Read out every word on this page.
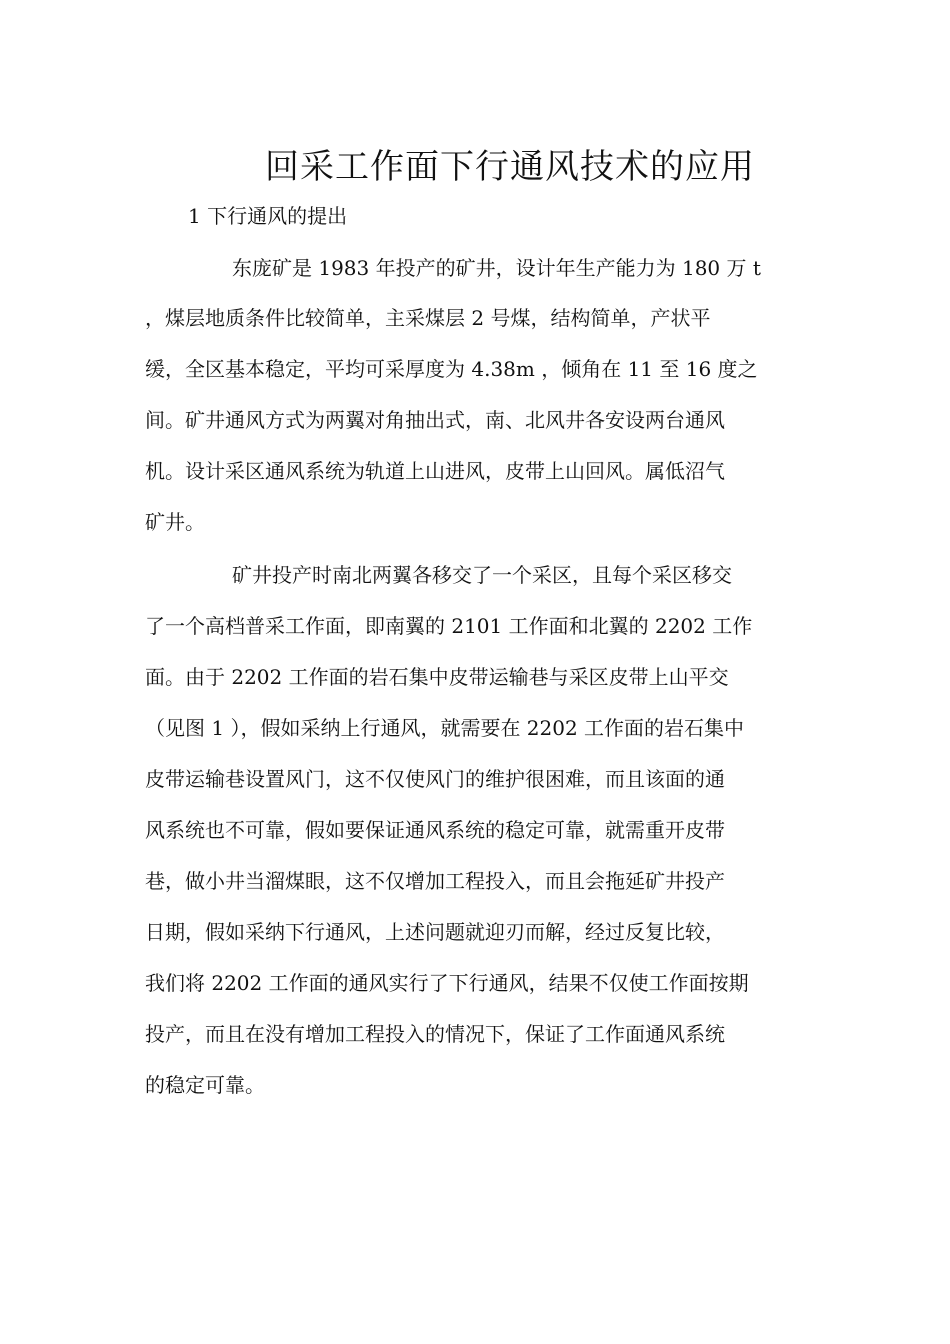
回采工作面下行通风技术的应用
1 下行通风的提出
东庞矿是 1983 年投产的矿井，设计年生产能力为 180 万 t
，煤层地质条件比较简单，主采煤层 2 号煤，结构简单，产状平
缓，全区基本稳定，平均可采厚度为 4.38m ，倾角在 11 至 16 度之
间。矿井通风方式为两翼对角抽出式，南、北风井各安设两台通风
机。设计采区通风系统为轨道上山进风，皮带上山回风。属低沼气
矿井。
矿井投产时南北两翼各移交了一个采区，且每个采区移交
了一个高档普采工作面，即南翼的 2101 工作面和北翼的 2202 工作
面。由于 2202 工作面的岩石集中皮带运输巷与采区皮带上山平交
（见图 1 ），假如采纳上行通风，就需要在 2202 工作面的岩石集中
皮带运输巷设置风门，这不仅使风门的维护很困难，而且该面的通
风系统也不可靠，假如要保证通风系统的稳定可靠，就需重开皮带
巷，做小井当溜煤眼，这不仅增加工程投入，而且会拖延矿井投产
日期，假如采纳下行通风，上述问题就迎刃而解，经过反复比较，
我们将 2202 工作面的通风实行了下行通风，结果不仅使工作面按期
投产，而且在没有增加工程投入的情况下，保证了工作面通风系统
的稳定可靠。
